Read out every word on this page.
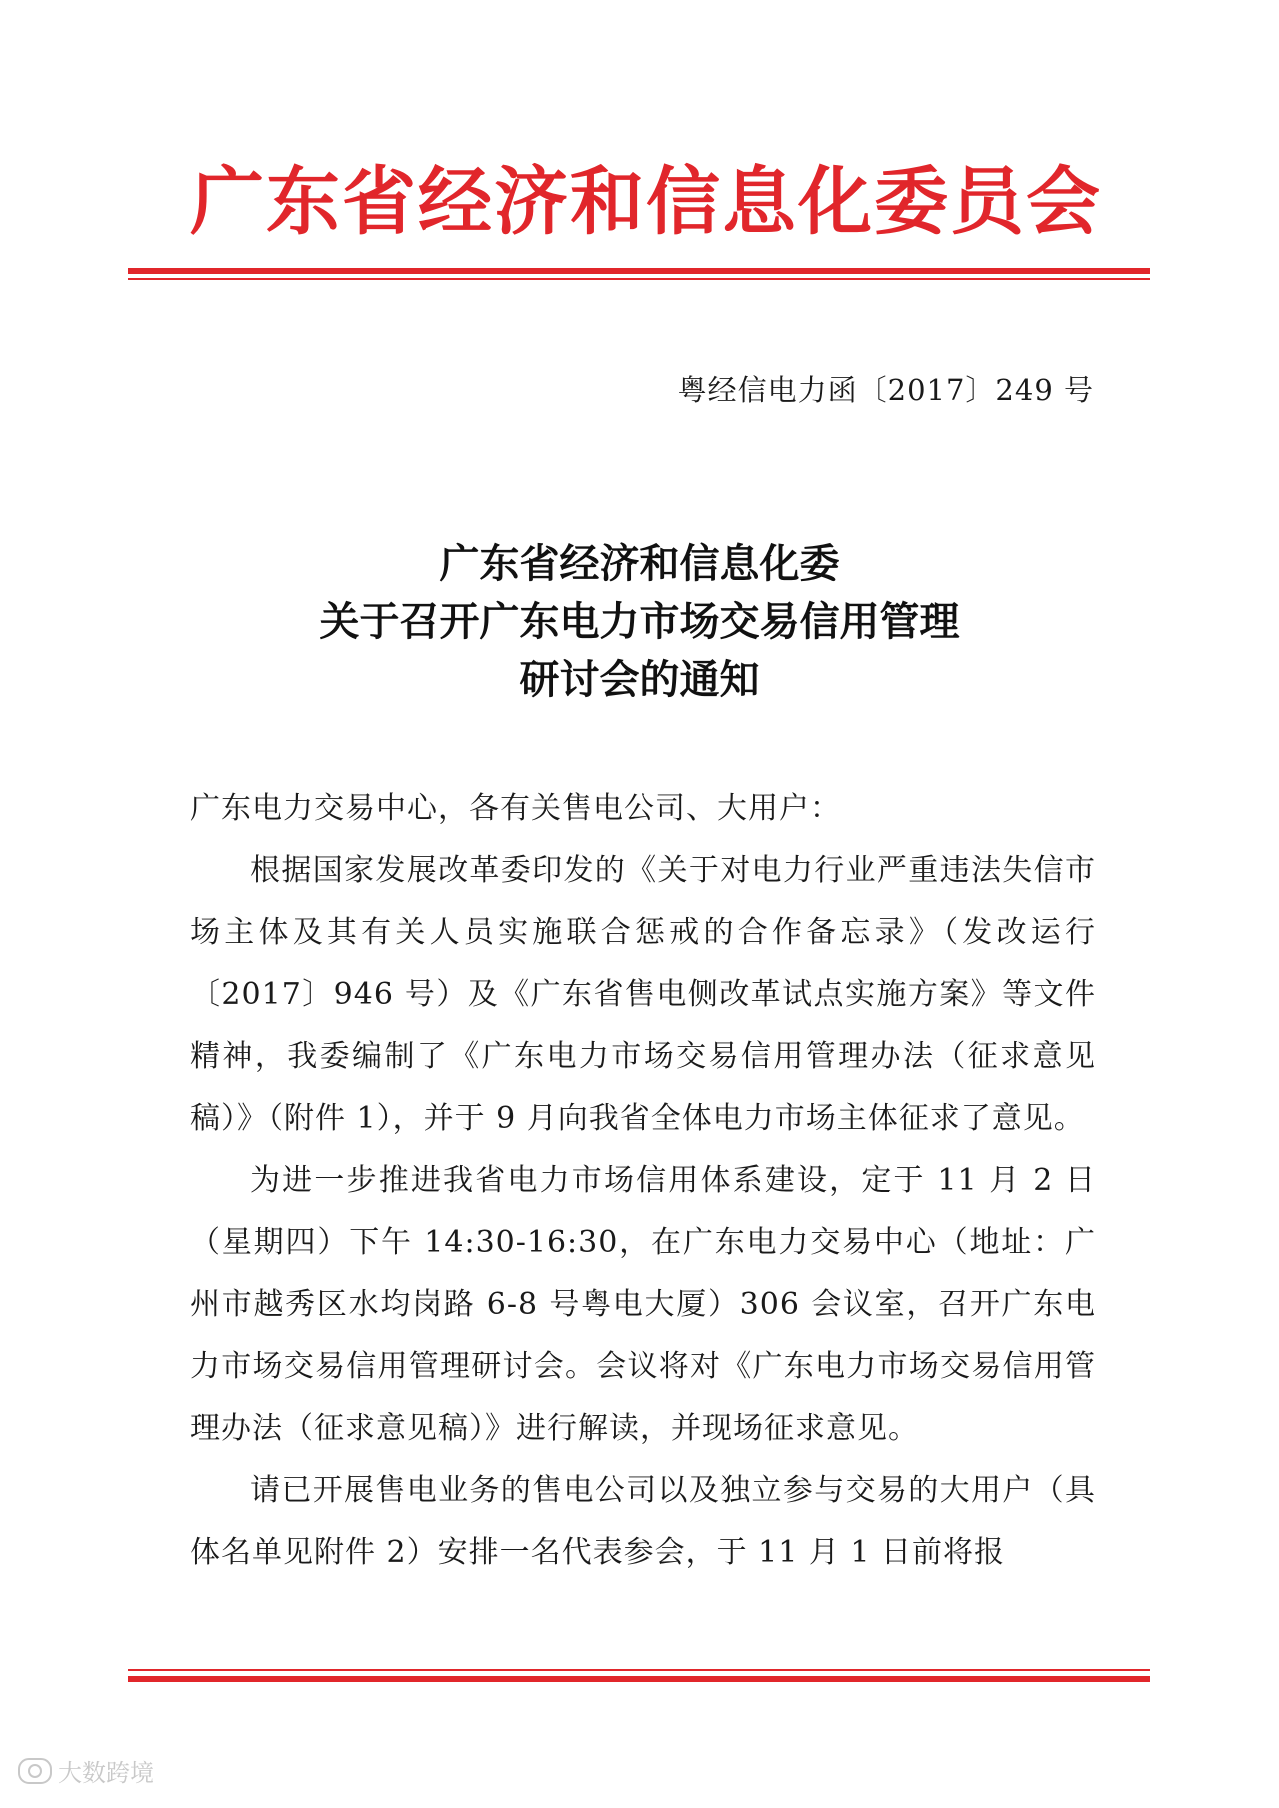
广东省经济和信息化委员会
粤经信电力函〔2017〕249 号
广东省经济和信息化委
关于召开广东电力市场交易信用管理
研讨会的通知

广东电力交易中心，各有关售电公司、大用户：

根据国家发展改革委印发的《关于对电力行业严重违法失信市场主体及其有关人员实施联合惩戒的合作备忘录》（发改运行〔2017〕946 号）及《广东省售电侧改革试点实施方案》等文件精神，我委编制了《广东电力市场交易信用管理办法（征求意见稿）》（附件 1），并于 9 月向我省全体电力市场主体征求了意见。

为进一步推进我省电力市场信用体系建设，定于 11 月 2 日（星期四）下午 14:30-16:30，在广东电力交易中心（地址：广州市越秀区水均岗路 6-8 号粤电大厦）306 会议室，召开广东电力市场交易信用管理研讨会。会议将对《广东电力市场交易信用管理办法（征求意见稿）》进行解读，并现场征求意见。

请已开展售电业务的售电公司以及独立参与交易的大用户（具体名单见附件 2）安排一名代表参会，于 11 月 1 日前将报

大数跨境
